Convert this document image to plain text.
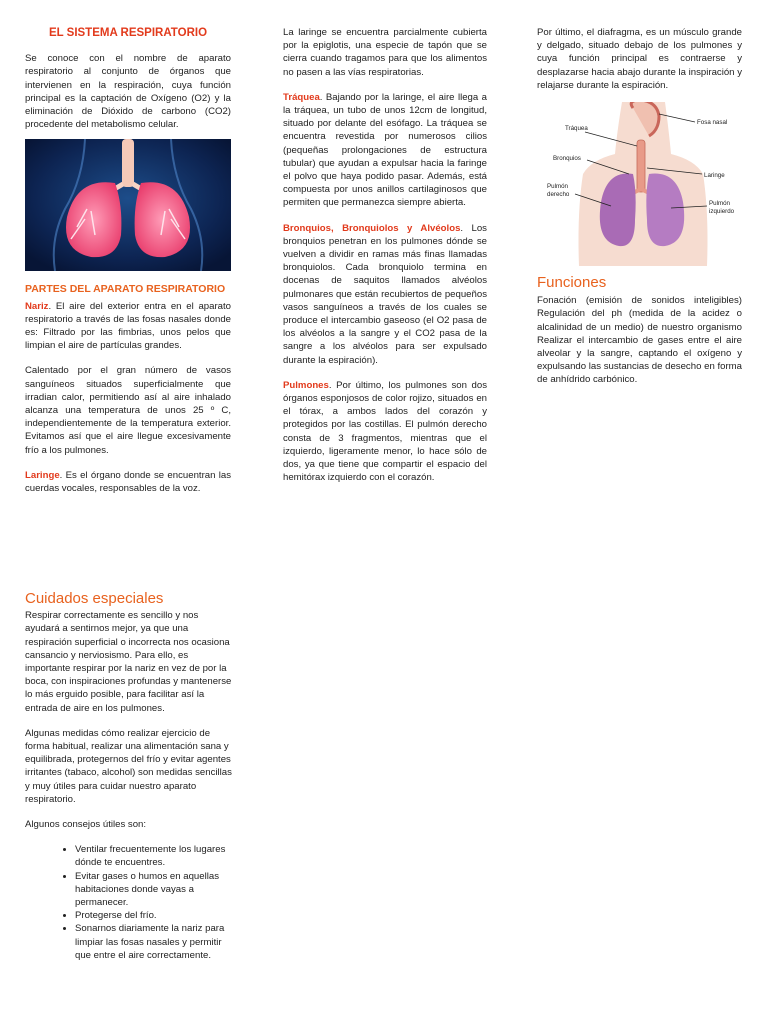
EL SISTEMA RESPIRATORIO

Se conoce con el nombre de aparato respiratorio al conjunto de órganos que intervienen en la respiración, cuya función principal es la captación de Oxígeno (O2) y la eliminación de Dióxido de carbono (CO2) procedente del metabolismo celular.

PARTES DEL APARATO RESPIRATORIO

Nariz. El aire del exterior entra en el aparato respiratorio a través de las fosas nasales donde es: Filtrado por las fimbrias, unos pelos que limpian el aire de partículas grandes.

Calentado por el gran número de vasos sanguíneos situados superficialmente que irradian calor, permitiendo así al aire inhalado alcanza una temperatura de unos 25 º C, independientemente de la temperatura exterior. Evitamos así que el aire llegue excesivamente frío a los pulmones.

Laringe. Es el órgano donde se encuentran las cuerdas vocales, responsables de la voz.

Cuidados especiales

Respirar correctamente es sencillo y nos ayudará a sentirnos mejor, ya que una respiración superficial o incorrecta nos ocasiona cansancio y nerviosismo. Para ello, es importante respirar por la nariz en vez de por la boca, con inspiraciones profundas y mantenerse lo más erguido posible, para facilitar así la entrada de aire en los pulmones.

Algunas medidas cómo realizar ejercicio de forma habitual, realizar una alimentación sana y equilibrada, protegernos del frío y evitar agentes irritantes (tabaco, alcohol) son medidas sencillas y muy útiles para cuidar nuestro aparato respiratorio.

Algunos consejos útiles son:

• Ventilar frecuentemente los lugares dónde te encuentres.
• Evitar gases o humos en aquellas habitaciones donde vayas a permanecer.
• Protegerse del frío.
• Sonarnos diariamente la nariz para limpiar las fosas nasales y permitir que entre el aire correctamente.

La laringe se encuentra parcialmente cubierta por la epiglotis, una especie de tapón que se cierra cuando tragamos para que los alimentos no pasen a las vías respiratorias.

Tráquea. Bajando por la laringe, el aire llega a la tráquea, un tubo de unos 12cm de longitud, situado por delante del esófago. La tráquea se encuentra revestida por numerosos cilios (pequeñas prolongaciones de estructura tubular) que ayudan a expulsar hacia la faringe el polvo que haya podido pasar. Además, está compuesta por unos anillos cartilaginosos que permiten que permanezca siempre abierta.

Bronquios, Bronquiolos y Alvéolos. Los bronquios penetran en los pulmones dónde se vuelven a dividir en ramas más finas llamadas bronquiolos. Cada bronquiolo termina en docenas de saquitos llamados alvéolos pulmonares que están recubiertos de pequeños vasos sanguíneos a través de los cuales se produce el intercambio gaseoso (el O2 pasa de los alvéolos a la sangre y el CO2 pasa de la sangre a los alvéolos para ser expulsado durante la espiración).

Pulmones. Por último, los pulmones son dos órganos esponjosos de color rojizo, situados en el tórax, a ambos lados del corazón y protegidos por las costillas. El pulmón derecho consta de 3 fragmentos, mientras que el izquierdo, ligeramente menor, lo hace sólo de dos, ya que tiene que compartir el espacio del hemitórax izquierdo con el corazón.

Por último, el diafragma, es un músculo grande y delgado, situado debajo de los pulmones y cuya función principal es contraerse y desplazarse hacia abajo durante la inspiración y relajarse durante la espiración.

Tráquea
Fosa nasal
Bronquios
Laringe
Pulmón
derecho
Pulmón
izquierdo
Funciones

Fonación (emisión de sonidos inteligibles) Regulación del ph (medida de la acidez o alcalinidad de un medio) de nuestro organismo Realizar el intercambio de gases entre el aire alveolar y la sangre, captando el oxígeno y expulsando las sustancias de desecho en forma de anhídrido carbónico.
